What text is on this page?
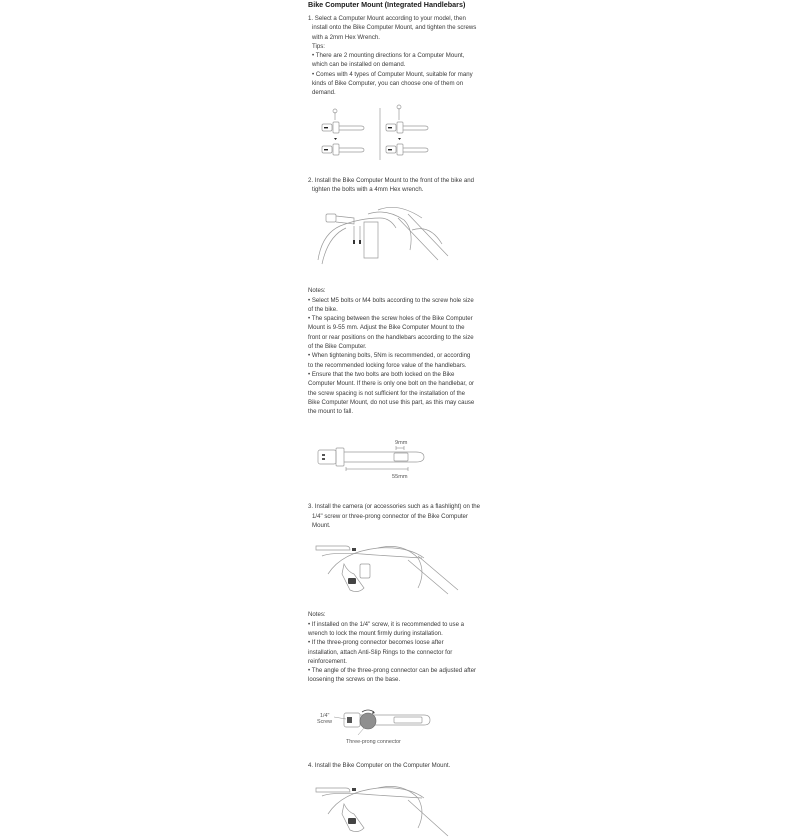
Bike Computer Mount (Integrated Handlebars)
1. Select a Computer Mount according to your model, then
install onto the Bike Computer Mount, and tighten the screws
with a 2mm Hex Wrench.
Tips:
• There are 2 mounting directions for a Computer Mount,
which can be installed on demand.
• Comes with 4 types of Computer Mount, suitable for many
kinds of Bike Computer, you can choose one of them on
demand.
2. Install the Bike Computer Mount to the front of the bike and
tighten the bolts with a 4mm Hex wrench.
Notes:
• Select M5 bolts or M4 bolts according to the screw hole size
of the bike.
• The spacing between the screw holes of the Bike Computer
Mount is 9-55 mm. Adjust the Bike Computer Mount to the
front or rear positions on the handlebars according to the size
of the Bike Computer.
• When tightening bolts, 5Nm is recommended, or according
to the recommended locking force value of the handlebars.
• Ensure that the two bolts are both locked on the Bike
Computer Mount. If there is only one bolt on the handlebar, or
the screw spacing is not sufficient for the installation of the
Bike Computer Mount, do not use this part, as this may cause
the mount to fall.
9mm
55mm
3. Install the camera (or accessories such as a flashlight) on the
1/4" screw or three-prong connector of the Bike Computer
Mount.
Notes:
• If installed on the 1/4" screw, it is recommended to use a
wrench to lock the mount firmly during installation.
• If the three-prong connector becomes loose after
installation, attach Anti-Slip Rings to the connector for
reinforcement.
• The angle of the three-prong connector can be adjusted after
loosening the screws on the base.
1/4"
Screw
Three-prong connector
4. Install the Bike Computer on the Computer Mount.
